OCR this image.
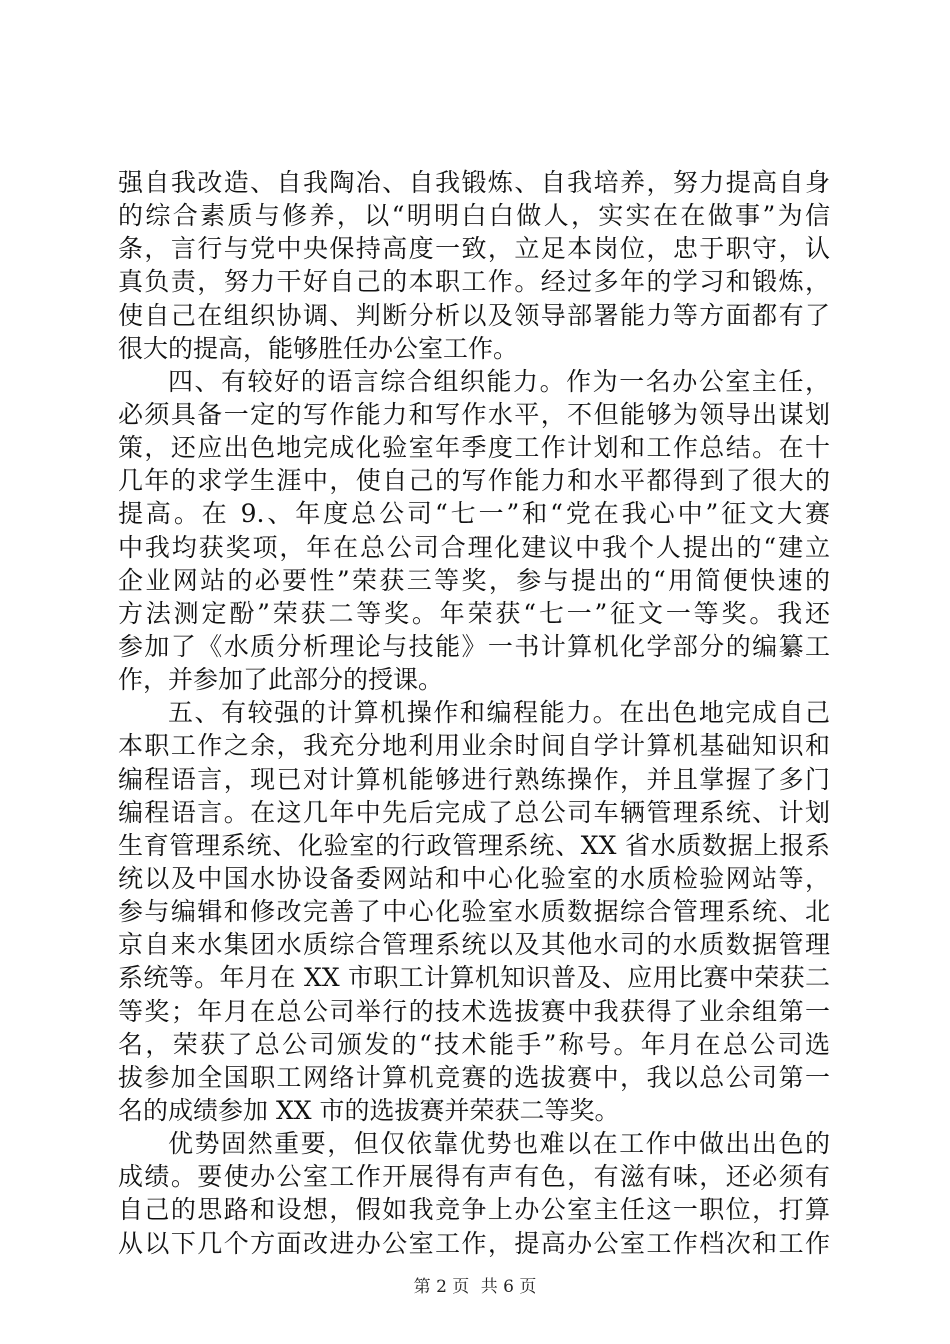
强自我改造、自我陶冶、自我锻炼、自我培养，努力提高自身
的综合素质与修养，以“明明白白做人，实实在在做事”为信
条，言行与党中央保持高度一致，立足本岗位，忠于职守，认
真负责，努力干好自己的本职工作。经过多年的学习和锻炼，
使自己在组织协调、判断分析以及领导部署能力等方面都有了
很大的提高，能够胜任办公室工作。
四、有较好的语言综合组织能力。作为一名办公室主任，
必须具备一定的写作能力和写作水平，不但能够为领导出谋划
策，还应出色地完成化验室年季度工作计划和工作总结。在十
几年的求学生涯中，使自己的写作能力和水平都得到了很大的
提高。在 9.、年度总公司“七一”和“党在我心中”征文大赛
中我均获奖项，年在总公司合理化建议中我个人提出的“建立
企业网站的必要性”荣获三等奖，参与提出的“用简便快速的
方法测定酚”荣获二等奖。年荣获“七一”征文一等奖。我还
参加了《水质分析理论与技能》一书计算机化学部分的编纂工
作，并参加了此部分的授课。
五、有较强的计算机操作和编程能力。在出色地完成自己
本职工作之余，我充分地利用业余时间自学计算机基础知识和
编程语言，现已对计算机能够进行熟练操作，并且掌握了多门
编程语言。在这几年中先后完成了总公司车辆管理系统、计划
生育管理系统、化验室的行政管理系统、XX 省水质数据上报系
统以及中国水协设备委网站和中心化验室的水质检验网站等，
参与编辑和修改完善了中心化验室水质数据综合管理系统、北
京自来水集团水质综合管理系统以及其他水司的水质数据管理
系统等。年月在 XX 市职工计算机知识普及、应用比赛中荣获二
等奖；年月在总公司举行的技术选拔赛中我获得了业余组第一
名，荣获了总公司颁发的“技术能手”称号。年月在总公司选
拔参加全国职工网络计算机竞赛的选拔赛中，我以总公司第一
名的成绩参加 XX 市的选拔赛并荣获二等奖。
优势固然重要，但仅依靠优势也难以在工作中做出出色的
成绩。要使办公室工作开展得有声有色，有滋有味，还必须有
自己的思路和设想，假如我竞争上办公室主任这一职位，打算
从以下几个方面改进办公室工作，提高办公室工作档次和工作
第 2 页 共 6 页
